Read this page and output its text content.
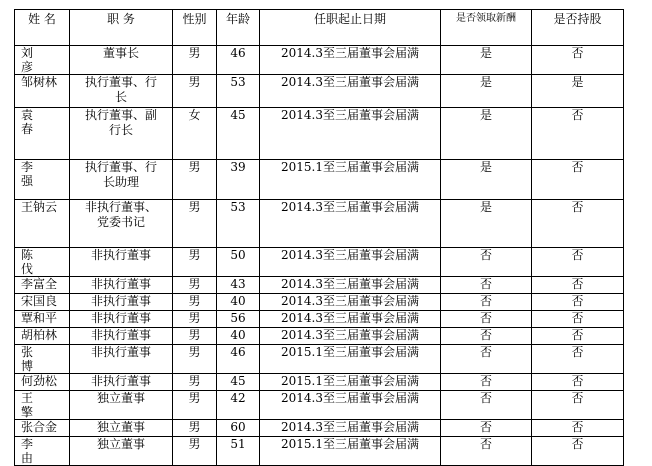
姓 名	职 务	性别	年龄	任职起止日期	是否领取新酬	是否持股
刘 彦	董事长	男	46	2014.3至三届董事会届满	是	否
邹树林	执行董事、行长	男	53	2014.3至三届董事会届满	是	是
袁 春	执行董事、副行长	女	45	2014.3至三届董事会届满	是	否
李 强	执行董事、行长助理	男	39	2015.1至三届董事会届满	是	否
王钠云	非执行董事、党委书记	男	53	2014.3至三届董事会届满	是	否
陈 伐	非执行董事	男	50	2014.3至三届董事会届满	否	否
李富全	非执行董事	男	43	2014.3至三届董事会届满	否	否
宋国良	非执行董事	男	40	2014.3至三届董事会届满	否	否
覃和平	非执行董事	男	56	2014.3至三届董事会届满	否	否
胡柏林	非执行董事	男	40	2014.3至三届董事会届满	否	否
张 博	非执行董事	男	46	2015.1至三届董事会届满	否	否
何劲松	非执行董事	男	45	2015.1至三届董事会届满	否	否
王 擎	独立董事	男	42	2014.3至三届董事会届满	否	否
张合金	独立董事	男	60	2014.3至三届董事会届满	否	否
李 由	独立董事	男	51	2015.1至三届董事会届满	否	否
